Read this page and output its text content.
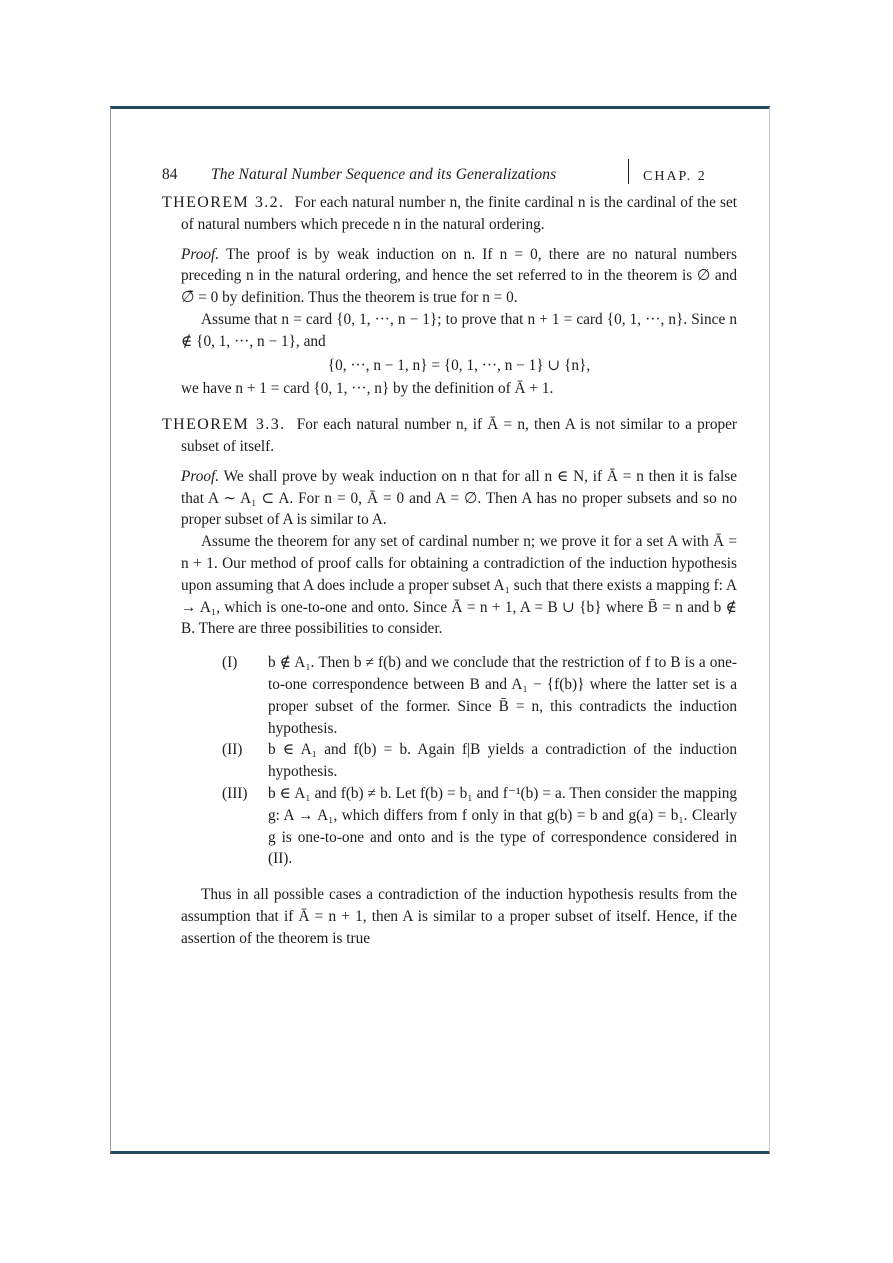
84 The Natural Number Sequence and its Generalizations	CHAP. 2

THEOREM 3.2. For each natural number n, the finite cardinal n is the cardinal of the set of natural numbers which precede n in the natural ordering.

Proof. The proof is by weak induction on n. If n = 0, there are no natural numbers preceding n in the natural ordering, and hence the set referred to in the theorem is ∅ and ∅̄ = 0 by definition. Thus the theorem is true for n = 0.

Assume that n = card {0, 1, ···, n − 1}; to prove that n + 1 = card {0, 1, ···, n}. Since n ∉ {0, 1, ···, n − 1}, and

{0, ···, n − 1, n} = {0, 1, ···, n − 1} ∪ {n},

we have n + 1 = card {0, 1, ···, n} by the definition of Ā + 1.

THEOREM 3.3. For each natural number n, if Ā = n, then A is not similar to a proper subset of itself.

Proof. We shall prove by weak induction on n that for all n ∈ N, if Ā = n then it is false that A ∼ A₁ ⊂ A. For n = 0, Ā = 0 and A = ∅. Then A has no proper subsets and so no proper subset of A is similar to A.

Assume the theorem for any set of cardinal number n; we prove it for a set A with Ā = n + 1. Our method of proof calls for obtaining a contradiction of the induction hypothesis upon assuming that A does include a proper subset A₁ such that there exists a mapping f: A → A₁, which is one-to-one and onto. Since Ā = n + 1, A = B ∪ {b} where B̄ = n and b ∉ B. There are three possibilities to consider.

(I) b ∉ A₁. Then b ≠ f(b) and we conclude that the restriction of f to B is a one-to-one correspondence between B and A₁ − {f(b)} where the latter set is a proper subset of the former. Since B̄ = n, this contradicts the induction hypothesis.
(II) b ∈ A₁ and f(b) = b. Again f|B yields a contradiction of the induction hypothesis.
(III) b ∈ A₁ and f(b) ≠ b. Let f(b) = b₁ and f⁻¹(b) = a. Then consider the mapping g: A → A₁, which differs from f only in that g(b) = b and g(a) = b₁. Clearly g is one-to-one and onto and is the type of correspondence considered in (II).

Thus in all possible cases a contradiction of the induction hypothesis results from the assumption that if Ā = n + 1, then A is similar to a proper subset of itself. Hence, if the assertion of the theorem is true
